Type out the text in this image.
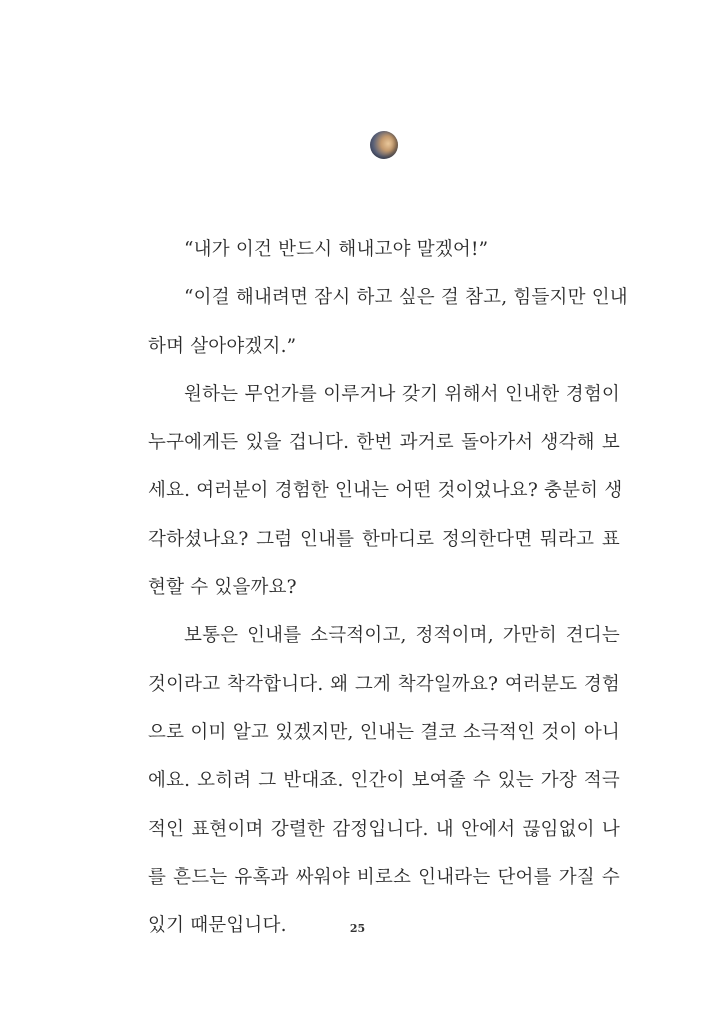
“내가 이건 반드시 해내고야 말겠어!”
“이걸 해내려면 잠시 하고 싶은 걸 참고, 힘들지만 인내
하며 살아야겠지.”
원하는 무언가를 이루거나 갖기 위해서 인내한 경험이
누구에게든 있을 겁니다. 한번 과거로 돌아가서 생각해 보
세요. 여러분이 경험한 인내는 어떤 것이었나요? 충분히 생
각하셨나요? 그럼 인내를 한마디로 정의한다면 뭐라고 표
현할 수 있을까요?
보통은 인내를 소극적이고, 정적이며, 가만히 견디는
것이라고 착각합니다. 왜 그게 착각일까요? 여러분도 경험
으로 이미 알고 있겠지만, 인내는 결코 소극적인 것이 아니
에요. 오히려 그 반대죠. 인간이 보여줄 수 있는 가장 적극
적인 표현이며 강렬한 감정입니다. 내 안에서 끊임없이 나
를 흔드는 유혹과 싸워야 비로소 인내라는 단어를 가질 수
있기 때문입니다.	25
